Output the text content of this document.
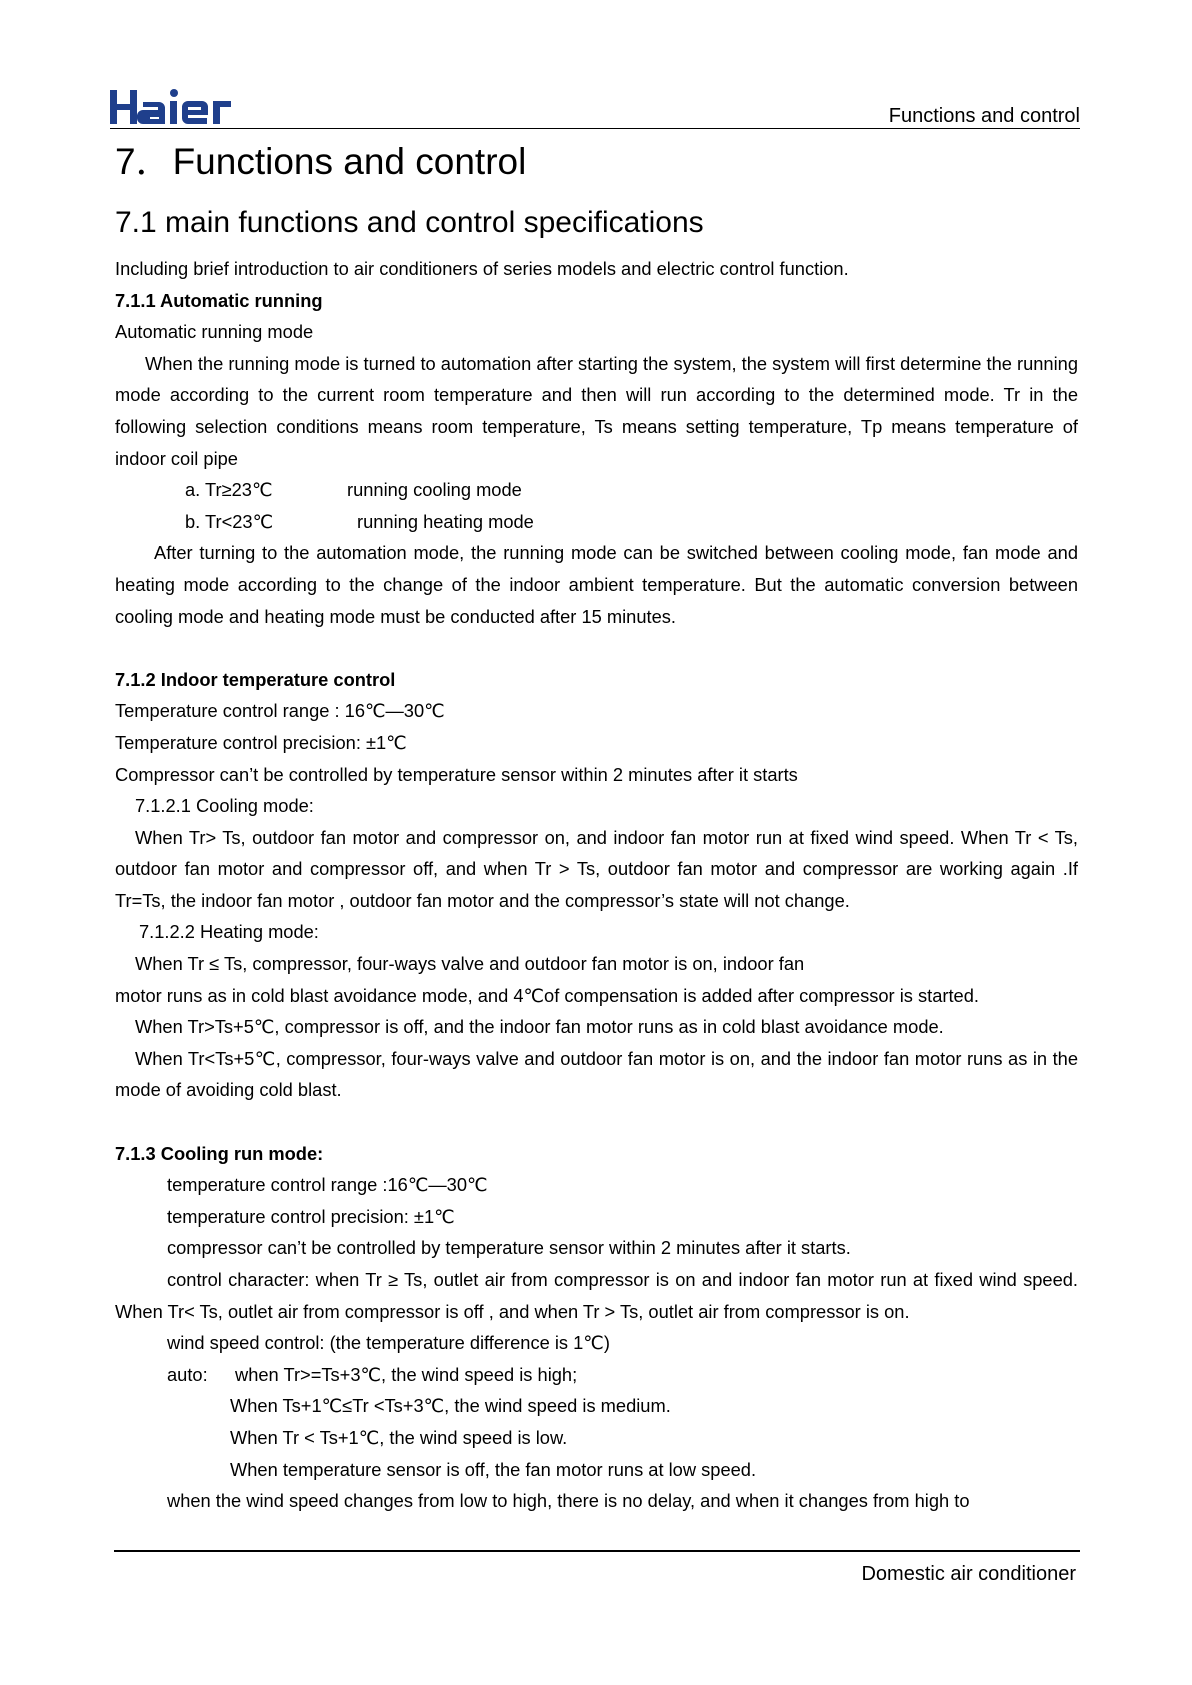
Functions and control
7．Functions and control
7.1 main functions and control specifications

Including brief introduction to air conditioners of series models and electric control function.

7.1.1 Automatic running

Automatic running mode

When the running mode is turned to automation after starting the system, the system will first determine the running mode according to the current room temperature and then will run according to the determined mode. Tr in the following selection conditions means room temperature, Ts means setting temperature, Tp means temperature of indoor coil pipe

a. Tr≥23℃	running cooling mode
b. Tr<23℃	running heating mode

After turning to the automation mode, the running mode can be switched between cooling mode, fan mode and heating mode according to the change of the indoor ambient temperature. But the automatic conversion between cooling mode and heating mode must be conducted after 15 minutes.

7.1.2 Indoor temperature control

Temperature control range : 16℃—30℃

Temperature control precision: ±1℃

Compressor can’t be controlled by temperature sensor within 2 minutes after it starts

7.1.2.1 Cooling mode:

When Tr> Ts, outdoor fan motor and compressor on, and indoor fan motor run at fixed wind speed. When Tr < Ts, outdoor fan motor and compressor off, and when Tr > Ts, outdoor fan motor and compressor are working again .If Tr=Ts, the indoor fan motor , outdoor fan motor and the compressor’s state will not change.

7.1.2.2 Heating mode:

When Tr ≤ Ts, compressor, four-ways valve and outdoor fan motor is on, indoor fan

motor runs as in cold blast avoidance mode, and 4℃of compensation is added after compressor is started.

When Tr>Ts+5℃, compressor is off, and the indoor fan motor runs as in cold blast avoidance mode.

When Tr<Ts+5℃, compressor, four-ways valve and outdoor fan motor is on, and the indoor fan motor runs as in the mode of avoiding cold blast.

7.1.3 Cooling run mode:

temperature control range :16℃—30℃

temperature control precision: ±1℃

compressor can’t be controlled by temperature sensor within 2 minutes after it starts.

control character: when Tr ≥ Ts, outlet air from compressor is on and indoor fan motor run at fixed wind speed. When Tr< Ts, outlet air from compressor is off , and when Tr > Ts, outlet air from compressor is on.

wind speed control: (the temperature difference is 1℃)

auto: when Tr>=Ts+3℃, the wind speed is high;

When Ts+1℃≤Tr <Ts+3℃, the wind speed is medium.

When Tr < Ts+1℃, the wind speed is low.

When temperature sensor is off, the fan motor runs at low speed.

when the wind speed changes from low to high, there is no delay, and when it changes from high to

Domestic air conditioner
